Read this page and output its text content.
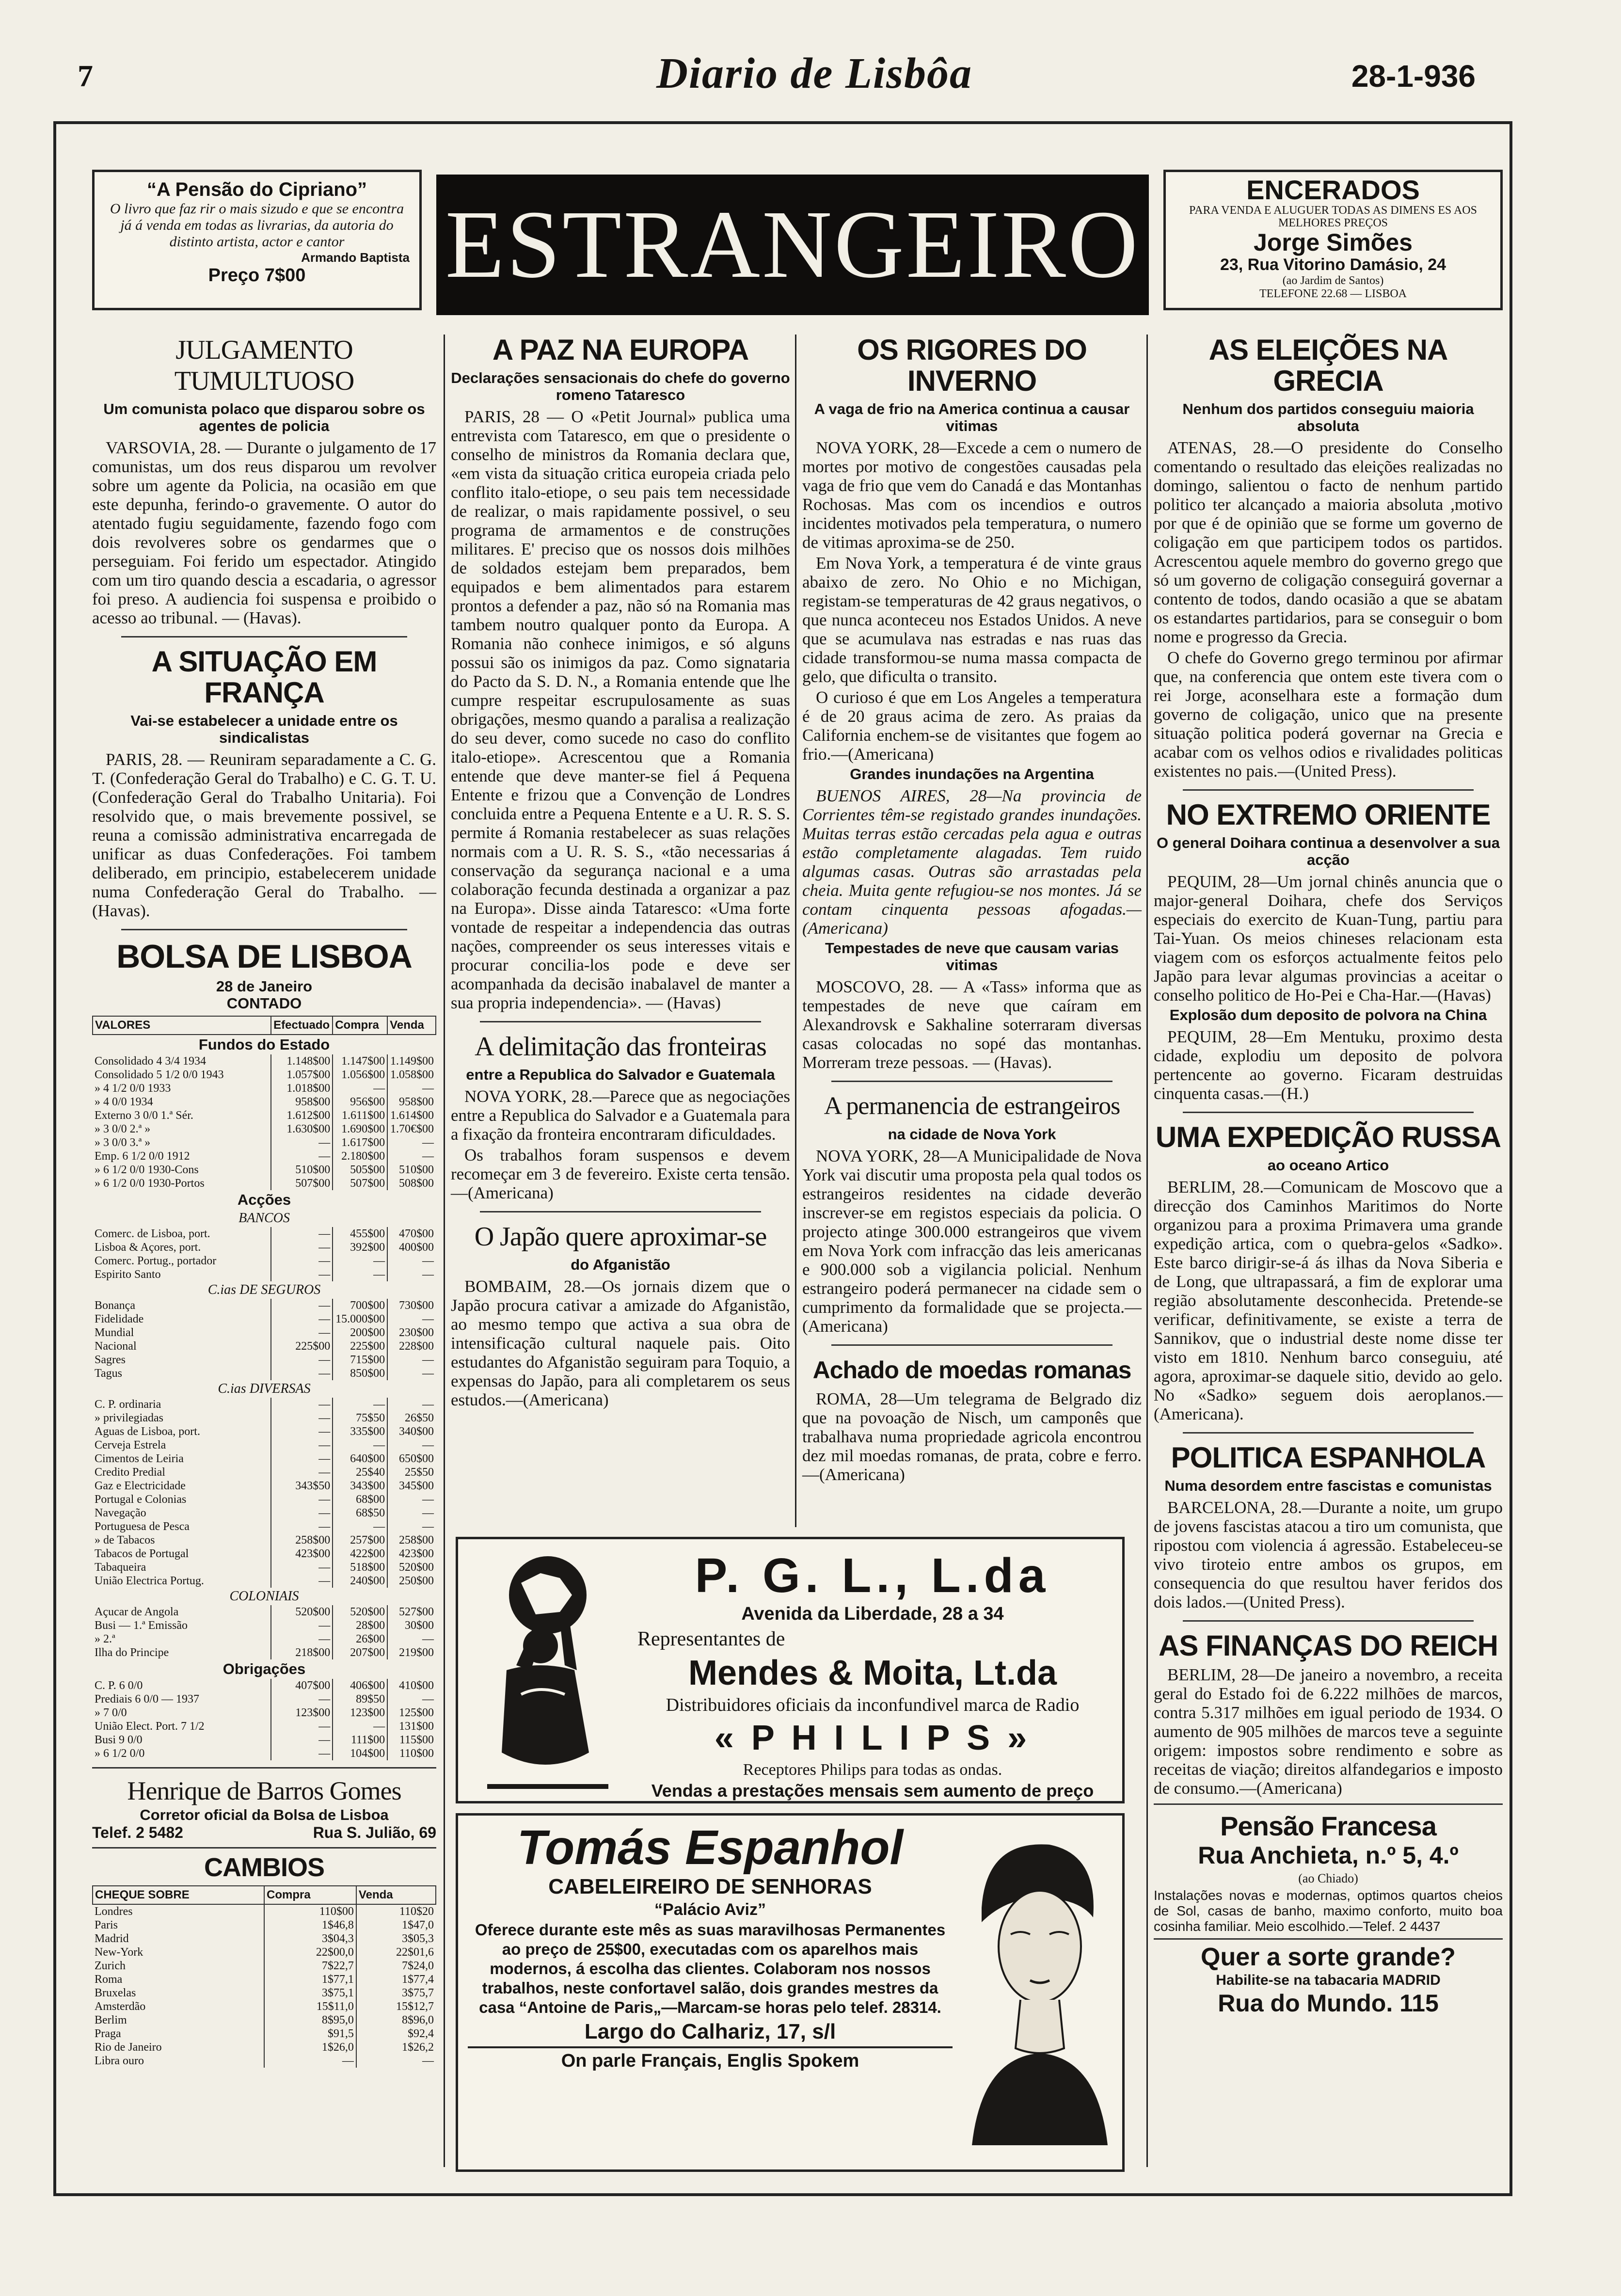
7	Diario de Lisbôa	28-1-936
“A Pensão do Cipriano”
O livro que faz rir o mais sizudo e que se encontra já á venda em todas as livrarias, da autoria do distinto artista, actor e cantor
Armando Baptista
Preço 7$00	ESTRANGEIRO
ENCERADOS
PARA VENDA E ALUGUER TODAS AS DIMENS ES AOS MELHORES PREÇOS
Jorge Simões
23, Rua Vitorino Damásio, 24
(ao Jardim de Santos)
TELEFONE 22.68 — LISBOA
JULGAMENTO TUMULTUOSO
Um comunista polaco que disparou sobre os agentes de policia

VARSOVIA, 28. — Durante o julgamento de 17 comunistas, um dos reus disparou um revolver sobre um agente da Policia, na ocasião em que este depunha, ferindo-o gravemente. O autor do atentado fugiu seguidamente, fazendo fogo com dois revolveres sobre os gendarmes que o perseguiam. Foi ferido um espectador. Atingido com um tiro quando descia a escadaria, o agressor foi preso. A audiencia foi suspensa e proibido o acesso ao tribunal. — (Havas).

A SITUAÇÃO EM FRANÇA
Vai-se estabelecer a unidade entre os sindicalistas

PARIS, 28. — Reuniram separadamente a C. G. T. (Confederação Geral do Trabalho) e C. G. T. U. (Confederação Geral do Trabalho Unitaria). Foi resolvido que, o mais brevemente possivel, se reuna a comissão administrativa encarregada de unificar as duas Confederações. Foi tambem deliberado, em principio, estabelecerem unidade numa Confederação Geral do Trabalho. — (Havas).

BOLSA DE LISBOA
28 de Janeiro
CONTADO
VALORES	Efectuado	Compra	Venda
Fundos do Estado			
Consolidado 4 3/4 1934	1.148$00	1.147$00	1.149$00
Consolidado 5 1/2 0/0 1943	1.057$00	1.056$00	1.058$00
» 4 1/2 0/0 1933	1.018$00	—	—
» 4 0/0 1934	958$00	956$00	958$00
Externo 3 0/0 1.ª Sér.	1.612$00	1.611$00	1.614$00
» 3 0/0 2.ª »	1.630$00	1.690$00	1.70€$00
» 3 0/0 3.ª »	—	1.617$00	—
Emp. 6 1/2 0/0 1912	—	2.180$00	—
» 6 1/2 0/0 1930-Cons	510$00	505$00	510$00
» 6 1/2 0/0 1930-Portos	507$00	507$00	508$00
Acções			
BANCOS			
Comerc. de Lisboa, port.	—	455$00	470$00
Lisboa & Açores, port.	—	392$00	400$00
Comerc. Portug., portador	—	—	—
Espirito Santo	—	—	—
C.ias DE SEGUROS			
Bonança	—	700$00	730$00
Fidelidade	—	15.000$00	—
Mundial	—	200$00	230$00
Nacional	225$00	225$00	228$00
Sagres	—	715$00	—
Tagus	—	850$00	—
C.ias DIVERSAS			
C. P. ordinaria	—	—	—
» privilegiadas	—	75$50	26$50
Aguas de Lisboa, port.	—	335$00	340$00
Cerveja Estrela	—	—	—
Cimentos de Leiria	—	640$00	650$00
Credito Predial	—	25$40	25$50
Gaz e Electricidade	343$50	343$00	345$00
Portugal e Colonias	—	68$00	—
Navegação	—	68$50	—
Portuguesa de Pesca	—	—	—
» de Tabacos	258$00	257$00	258$00
Tabacos de Portugal	423$00	422$00	423$00
Tabaqueira	—	518$00	520$00
União Electrica Portug.	—	240$00	250$00
COLONIAIS			
Açucar de Angola	520$00	520$00	527$00
Busi — 1.ª Emissão	—	28$00	30$00
» 2.ª	—	26$00	—
Ilha do Principe	218$00	207$00	219$00
Obrigações			
C. P. 6 0/0	407$00	406$00	410$00
Prediais 6 0/0 — 1937	—	89$50	—
» 7 0/0	123$00	123$00	125$00
União Elect. Port. 7 1/2	—	—	131$00
Busi 9 0/0	—	111$00	115$00
» 6 1/2 0/0	—	104$00	110$00
Henrique de Barros Gomes
Corretor oficial da Bolsa de Lisboa
Telef. 2 5482	Rua S. Julião, 69
CAMBIOS
CHEQUE SOBRE	Compra	Venda
Londres	110$00	110$20
Paris	1$46,8	1$47,0
Madrid	3$04,3	3$05,3
New-York	22$00,0	22$01,6
Zurich	7$22,7	7$24,0
Roma	1$77,1	1$77,4
Bruxelas	3$75,1	3$75,7
Amsterdão	15$11,0	15$12,7
Berlim	8$95,0	8$96,0
Praga	$91,5	$92,4
Rio de Janeiro	1$26,0	1$26,2
Libra ouro	—	—
A PAZ NA EUROPA
Declarações sensacionais do chefe do governo romeno Tataresco

PARIS, 28 — O «Petit Journal» publica uma entrevista com Tataresco, em que o presidente o conselho de ministros da Romania declara que, «em vista da situação critica europeia criada pelo conflito italo-etiope, o seu pais tem necessidade de realizar, o mais rapidamente possivel, o seu programa de armamentos e de construções militares. E' preciso que os nossos dois milhões de soldados estejam bem preparados, bem equipados e bem alimentados para estarem prontos a defender a paz, não só na Romania mas tambem noutro qualquer ponto da Europa. A Romania não conhece inimigos, e só alguns possui são os inimigos da paz. Como signataria do Pacto da S. D. N., a Romania entende que lhe cumpre respeitar escrupulosamente as suas obrigações, mesmo quando a paralisa a realização do seu dever, como sucede no caso do conflito italo-etiope». Acrescentou que a Romania entende que deve manter-se fiel á Pequena Entente e frizou que a Convenção de Londres concluida entre a Pequena Entente e a U. R. S. S. permite á Romania restabelecer as suas relações normais com a U. R. S. S., «tão necessarias á conservação da segurança nacional e a uma colaboração fecunda destinada a organizar a paz na Europa». Disse ainda Tataresco: «Uma forte vontade de respeitar a independencia das outras nações, compreender os seus interesses vitais e procurar concilia-los pode e deve ser acompanhada da decisão inabalavel de manter a sua propria independencia». — (Havas)

A delimitação das fronteiras
entre a Republica do Salvador e Guatemala

NOVA YORK, 28.—Parece que as negociações entre a Republica do Salvador e a Guatemala para a fixação da fronteira encontraram dificuldades.

Os trabalhos foram suspensos e devem recomeçar em 3 de fevereiro. Existe certa tensão.—(Americana)

O Japão quere aproximar-se
do Afganistão

BOMBAIM, 28.—Os jornais dizem que o Japão procura cativar a amizade do Afganistão, ao mesmo tempo que activa a sua obra de intensificação cultural naquele pais. Oito estudantes do Afganistão seguiram para Toquio, a expensas do Japão, para ali completarem os seus estudos.—(Americana)

OS RIGORES DO INVERNO
A vaga de frio na America continua a causar vitimas

NOVA YORK, 28—Excede a cem o numero de mortes por motivo de congestões causadas pela vaga de frio que vem do Canadá e das Montanhas Rochosas. Mas com os incendios e outros incidentes motivados pela temperatura, o numero de vitimas aproxima-se de 250.

Em Nova York, a temperatura é de vinte graus abaixo de zero. No Ohio e no Michigan, registam-se temperaturas de 42 graus negativos, o que nunca aconteceu nos Estados Unidos. A neve que se acumulava nas estradas e nas ruas das cidade transformou-se numa massa compacta de gelo, que dificulta o transito.

O curioso é que em Los Angeles a temperatura é de 20 graus acima de zero. As praias da California enchem-se de visitantes que fogem ao frio.—(Americana)

Grandes inundações na Argentina

BUENOS AIRES, 28—Na provincia de Corrientes têm-se registado grandes inundações. Muitas terras estão cercadas pela agua e outras estão completamente alagadas. Tem ruido algumas casas. Outras são arrastadas pela cheia. Muita gente refugiou-se nos montes. Já se contam cinquenta pessoas afogadas.—(Americana)

Tempestades de neve que causam varias vitimas

MOSCOVO, 28. — A «Tass» informa que as tempestades de neve que caíram em Alexandrovsk e Sakhaline soterraram diversas casas colocadas no sopé das montanhas. Morreram treze pessoas. — (Havas).

A permanencia de estrangeiros
na cidade de Nova York

NOVA YORK, 28—A Municipalidade de Nova York vai discutir uma proposta pela qual todos os estrangeiros residentes na cidade deverão inscrever-se em registos especiais da policia. O projecto atinge 300.000 estrangeiros que vivem em Nova York com infracção das leis americanas e 900.000 sob a vigilancia policial. Nenhum estrangeiro poderá permanecer na cidade sem o cumprimento da formalidade que se projecta.—(Americana)

Achado de moedas romanas

ROMA, 28—Um telegrama de Belgrado diz que na povoação de Nisch, um camponês que trabalhava numa propriedade agricola encontrou dez mil moedas romanas, de prata, cobre e ferro.—(Americana)

AS ELEIÇÕES NA GRECIA
Nenhum dos partidos conseguiu maioria absoluta

ATENAS, 28.—O presidente do Conselho comentando o resultado das eleições realizadas no domingo, salientou o facto de nenhum partido politico ter alcançado a maioria absoluta ,motivo por que é de opinião que se forme um governo de coligação em que participem todos os partidos. Acrescentou aquele membro do governo grego que só um governo de coligação conseguirá governar a contento de todos, dando ocasião a que se abatam os estandartes partidarios, para se conseguir o bom nome e progresso da Grecia.

O chefe do Governo grego terminou por afirmar que, na conferencia que ontem este tivera com o rei Jorge, aconselhara este a formação dum governo de coligação, unico que na presente situação politica poderá governar na Grecia e acabar com os velhos odios e rivalidades politicas existentes no pais.—(United Press).

NO EXTREMO ORIENTE
O general Doihara continua a desenvolver a sua acção

PEQUIM, 28—Um jornal chinês anuncia que o major-general Doihara, chefe dos Serviços especiais do exercito de Kuan-Tung, partiu para Tai-Yuan. Os meios chineses relacionam esta viagem com os esforços actualmente feitos pelo Japão para levar algumas provincias a aceitar o conselho politico de Ho-Pei e Cha-Har.—(Havas)

Explosão dum deposito de polvora na China

PEQUIM, 28—Em Mentuku, proximo desta cidade, explodiu um deposito de polvora pertencente ao governo. Ficaram destruidas cinquenta casas.—(H.)

UMA EXPEDIÇÃO RUSSA
ao oceano Artico

BERLIM, 28.—Comunicam de Moscovo que a direcção dos Caminhos Maritimos do Norte organizou para a proxima Primavera uma grande expedição artica, com o quebra-gelos «Sadko». Este barco dirigir-se-á ás ilhas da Nova Siberia e de Long, que ultrapassará, a fim de explorar uma região absolutamente desconhecida. Pretende-se verificar, definitivamente, se existe a terra de Sannikov, que o industrial deste nome disse ter visto em 1810. Nenhum barco conseguiu, até agora, aproximar-se daquele sitio, devido ao gelo. No «Sadko» seguem dois aeroplanos.—(Americana).

POLITICA ESPANHOLA
Numa desordem entre fascistas e comunistas

BARCELONA, 28.—Durante a noite, um grupo de jovens fascistas atacou a tiro um comunista, que ripostou com violencia á agressão. Estabeleceu-se vivo tiroteio entre ambos os grupos, em consequencia do que resultou haver feridos dos dois lados.—(United Press).

AS FINANÇAS DO REICH

BERLIM, 28—De janeiro a novembro, a receita geral do Estado foi de 6.222 milhões de marcos, contra 5.317 milhões em igual periodo de 1934. O aumento de 905 milhões de marcos teve a seguinte origem: impostos sobre rendimento e sobre as receitas de viação; direitos alfandegarios e imposto de consumo.—(Americana)

Pensão Francesa
Rua Anchieta, n.º 5, 4.º
(ao Chiado)

Instalações novas e modernas, optimos quartos cheios de Sol, casas de banho, maximo conforto, muito boa cosinha familiar. Meio escolhido.—Telef. 2 4437

Quer a sorte grande?
Habilite-se na tabacaria MADRID
Rua do Mundo. 115
P. G. L., L.da
Avenida da Liberdade, 28 a 34
Representantes de
Mendes & Moita, Lt.da
Distribuidores oficiais da inconfundivel marca de Radio
« P H I L I P S »
Receptores Philips para todas as ondas.
Vendas a prestações mensais sem aumento de preço
Tomás Espanhol
CABELEIREIRO DE SENHORAS
“Palácio Aviz”
Oferece durante este mês as suas maravilhosas Permanentes ao preço de 25$00, executadas com os aparelhos mais modernos, á escolha das clientes. Colaboram nos nossos trabalhos, neste confortavel salão, dois grandes mestres da casa “Antoine de Paris„—Marcam-se horas pelo telef. 28314.
Largo do Calhariz, 17, s/l
On parle Français, Englis Spokem
